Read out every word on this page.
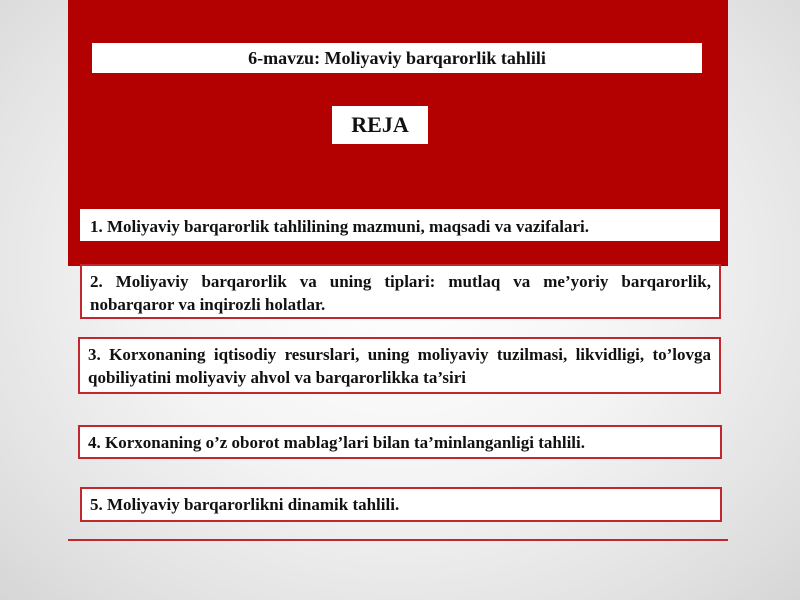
6-mavzu: Moliyaviy barqarorlik tahlili
REJA
1. Moliyaviy barqarorlik tahlilining mazmuni, maqsadi va vazifalari.
2. Moliyaviy barqarorlik va uning tiplari: mutlaq va me’yoriy barqarorlik, nobarqaror va inqirozli holatlar.
3. Korxonaning iqtisodiy resurslari, uning moliyaviy tuzilmasi, likvidligi, to’lovga qobiliyatini moliyaviy ahvol va barqarorlikka ta’siri
4. Korxonaning o’z oborot mablag’lari bilan ta’minlanganligi tahlili.
5. Moliyaviy barqarorlikni dinamik tahlili.
